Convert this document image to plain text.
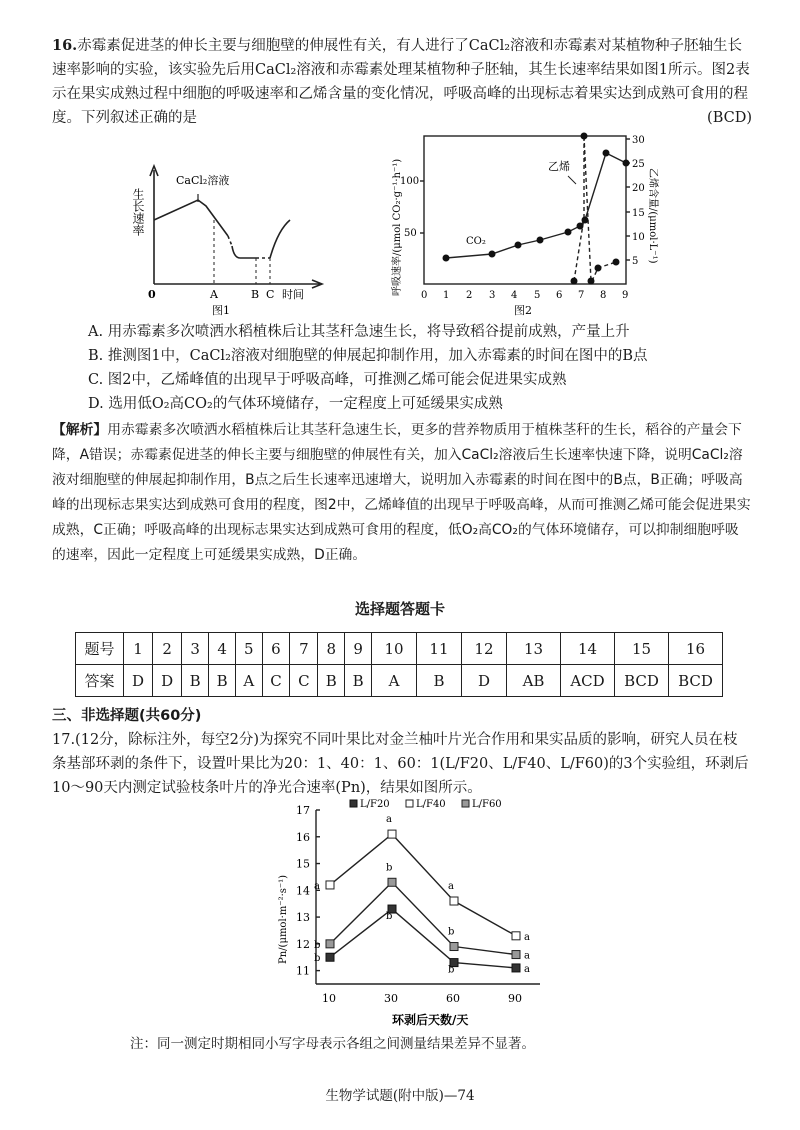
16.赤霉素促进茎的伸长主要与细胞壁的伸展性有关，有人进行了CaCl₂溶液和赤霉素对某植物种子胚轴生长速率影响的实验，该实验先后用CaCl₂溶液和赤霉素处理某植物种子胚轴，其生长速率结果如图1所示。图2表示在果实成熟过程中细胞的呼吸速率和乙烯含量的变化情况，呼吸高峰的出现标志着果实达到成熟可食用的程度。下列叙述正确的是	(BCD)
生长速率
CaCl₂溶液
0	A	B C 时间
图1
CO₂
乙烯
呼吸速率/(μmol CO₂·g⁻¹·h⁻¹)	乙烯含量/(μmol·L⁻¹)
50
100
5
10
15
20
25
30
0 1 2 3 4 5 6 7 8 9
图2
A. 用赤霉素多次喷洒水稻植株后让其茎秆急速生长，将导致稻谷提前成熟，产量上升
B. 推测图1中，CaCl₂溶液对细胞壁的伸展起抑制作用，加入赤霉素的时间在图中的B点
C. 图2中，乙烯峰值的出现早于呼吸高峰，可推测乙烯可能会促进果实成熟
D. 选用低O₂高CO₂的气体环境储存，一定程度上可延缓果实成熟
【解析】用赤霉素多次喷洒水稻植株后让其茎秆急速生长，更多的营养物质用于植株茎秆的生长，稻谷的产量会下降，A错误；赤霉素促进茎的伸长主要与细胞壁的伸展性有关，加入CaCl₂溶液后生长速率快速下降，说明CaCl₂溶液对细胞壁的伸展起抑制作用，B点之后生长速率迅速增大，说明加入赤霉素的时间在图中的B点，B正确；呼吸高峰的出现标志果实达到成熟可食用的程度，图2中，乙烯峰值的出现早于呼吸高峰，从而可推测乙烯可能会促进果实成熟，C正确；呼吸高峰的出现标志果实达到成熟可食用的程度，低O₂高CO₂的气体环境储存，可以抑制细胞呼吸的速率，因此一定程度上可延缓果实成熟，D正确。
选择题答题卡
题号	1	2	3	4	5	6	7	8	9	10	11	12	13	14	15	16
答案	D	D	B	B	A	C	C	B	B	A	B	D	AB	ACD	BCD	BCD
三、非选择题(共60分)
17.(12分，除标注外，每空2分)为探究不同叶果比对金兰柚叶片光合作用和果实品质的影响，研究人员在枝条基部环剥的条件下，设置叶果比为20：1、40：1、60：1(L/F20、L/F40、L/F60)的3个实验组，环剥后10～90天内测定试验枝条叶片的净光合速率(Pn)，结果如图所示。
11
12
13
14
15
16
17
10	30	60	90
环剥后天数/天
Pn/(μmol·m⁻²·s⁻¹)	b
b
b	a
L/F20
a
a
a
a
L/F40
b
b
b
a
L/F60
注：同一测定时期相同小写字母表示各组之间测量结果差异不显著。
生物学试题(附中版)—74
